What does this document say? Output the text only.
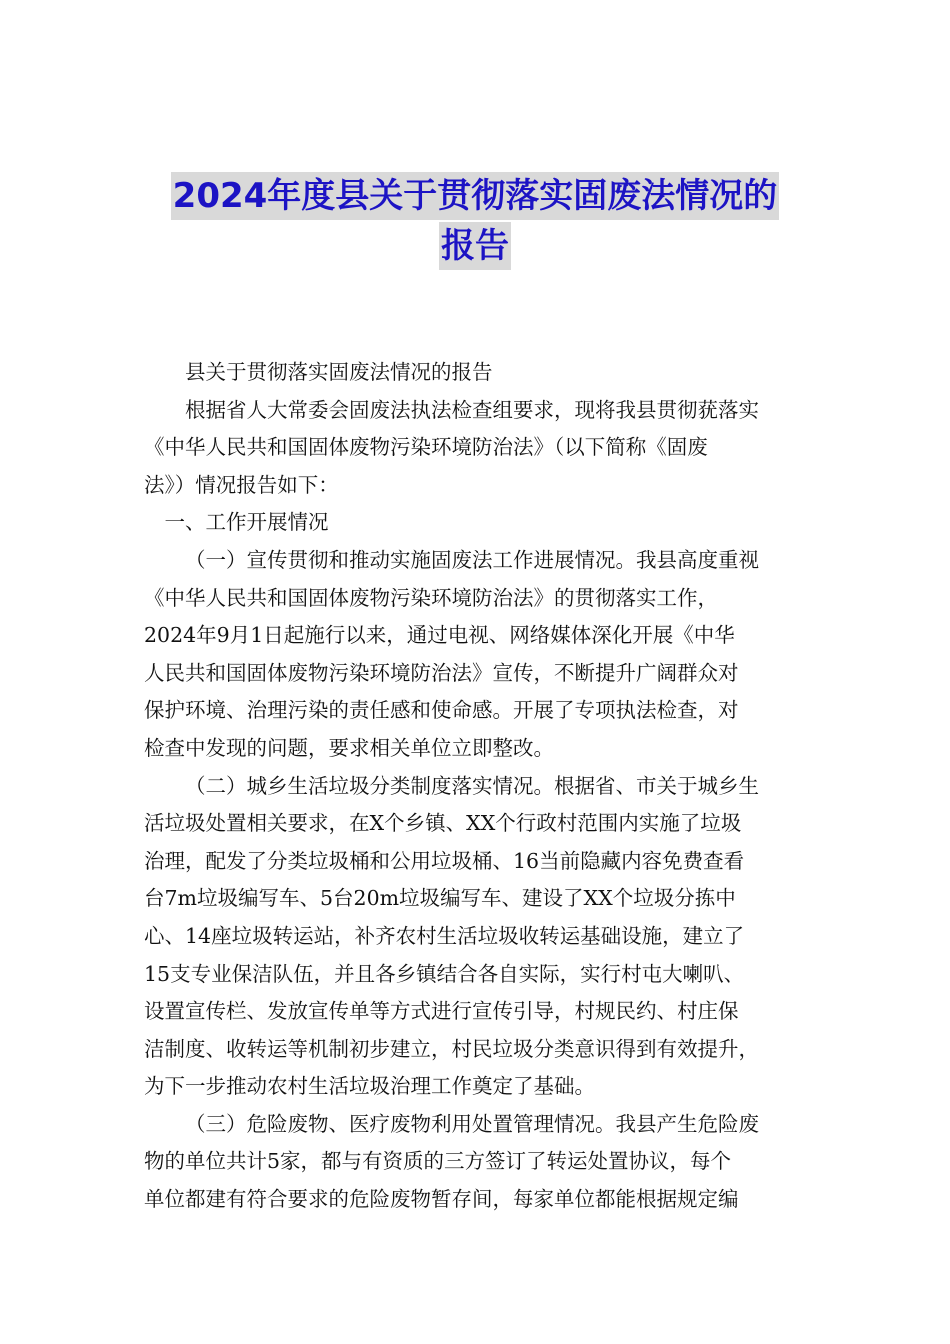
2024年度县关于贯彻落实固废法情况的
报告

县关于贯彻落实固废法情况的报告

根据省人大常委会固废法执法检查组要求，现将我县贯彻莸落实
《中华人民共和国固体废物污染环境防治法》（以下简称《固废
法》）情况报告如下：

一、工作开展情况

（一）宣传贯彻和推动实施固废法工作进展情况。我县高度重视
《中华人民共和国固体废物污染环境防治法》的贯彻落实工作，
2024年9月1日起施行以来，通过电视、网络媒体深化开展《中华
人民共和国固体废物污染环境防治法》宣传，不断提升广阔群众对
保护环境、治理污染的责任感和使命感。开展了专项执法检查，对
检查中发现的问题，要求相关单位立即整改。

（二）城乡生活垃圾分类制度落实情况。根据省、市关于城乡生
活垃圾处置相关要求，在X个乡镇、XX个行政村范围内实施了垃圾
治理，配发了分类垃圾桶和公用垃圾桶、16当前隐藏内容免费查看
台7m垃圾编写车、5台20m垃圾编写车、建设了XX个垃圾分拣中
心、14座垃圾转运站，补齐农村生活垃圾收转运基础设施，建立了
15支专业保洁队伍，并且各乡镇结合各自实际，实行村屯大喇叭、
设置宣传栏、发放宣传单等方式进行宣传引导，村规民约、村庄保
洁制度、收转运等机制初步建立，村民垃圾分类意识得到有效提升，
为下一步推动农村生活垃圾治理工作奠定了基础。

（三）危险废物、医疗废物利用处置管理情况。我县产生危险废
物的单位共计5家，都与有资质的三方签订了转运处置协议，每个
单位都建有符合要求的危险废物暂存间，每家单位都能根据规定编
